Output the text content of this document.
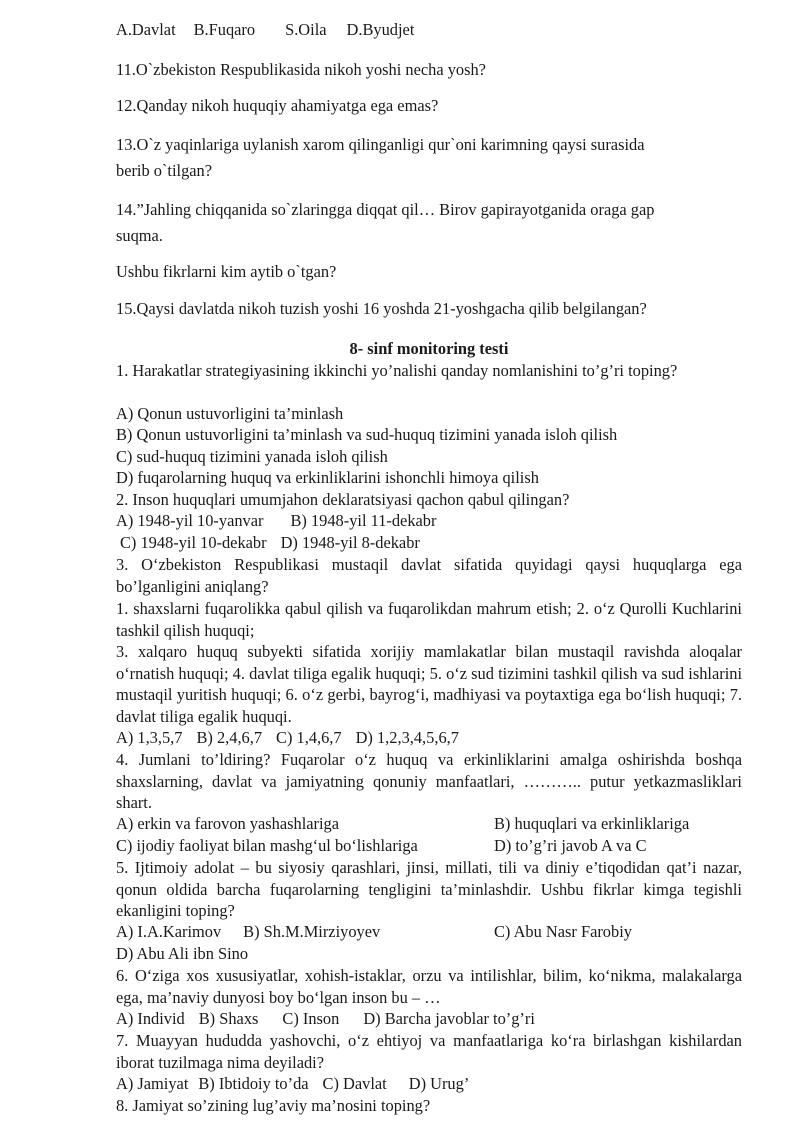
A.Davlat B.Fuqaro S.Oila D.Byudjet
11.O`zbekiston Respublikasida nikoh yoshi necha yosh?
12.Qanday nikoh huquqiy ahamiyatga ega emas?
13.O`z yaqinlariga uylanish xarom qilinganligi qur`oni karimning qaysi surasida
berib o`tilgan?
14.”Jahling chiqqanida so`zlaringga diqqat qil… Birov gapirayotganida oraga gap
suqma.
Ushbu fikrlarni kim aytib o`tgan?
15.Qaysi davlatda nikoh tuzish yoshi 16 yoshda 21-yoshgacha qilib belgilangan?
8- sinf monitoring testi
1. Harakatlar strategiyasining ikkinchi yo’nalishi qanday nomlanishini to’g’ri toping?
A) Qonun ustuvorligini ta’minlash
B) Qonun ustuvorligini ta’minlash va sud-huquq tizimini yanada isloh qilish
C) sud-huquq tizimini yanada isloh qilish
D) fuqarolarning huquq va erkinliklarini ishonchli himoya qilish
2. Inson huquqlari umumjahon deklaratsiyasi qachon qabul qilingan?
A) 1948-yil 10-yanvar B) 1948-yil 11-dekabr
C) 1948-yil 10-dekabr D) 1948-yil 8-dekabr
3. O‘zbekiston Respublikasi mustaqil davlat sifatida quyidagi qaysi huquqlarga ega bo’lganligini aniqlang?
1. shaxslarni fuqarolikka qabul qilish va fuqarolikdan mahrum etish; 2. o‘z Qurolli Kuchlarini tashkil qilish huquqi;
3. xalqaro huquq subyekti sifatida xorijiy mamlakatlar bilan mustaqil ravishda aloqalar o‘rnatish huquqi; 4. davlat tiliga egalik huquqi; 5. o‘z sud tizimini tashkil qilish va sud ishlarini mustaqil yuritish huquqi; 6. o‘z gerbi, bayrog‘i, madhiyasi va poytaxtiga ega bo‘lish huquqi; 7. davlat tiliga egalik huquqi.
A) 1,3,5,7 B) 2,4,6,7 C) 1,4,6,7 D) 1,2,3,4,5,6,7
4. Jumlani to’ldiring? Fuqarolar o‘z huquq va erkinliklarini amalga oshirishda boshqa shaxslarning, davlat va jamiyatning qonuniy manfaatlari, ……….. putur yetkazmasliklari shart.
A) erkin va farovon yashashlariga	B) huquqlari va erkinliklariga
C) ijodiy faoliyat bilan mashg‘ul bo‘lishlariga	D) to’g’ri javob A va C
5. Ijtimoiy adolat – bu siyosiy qarashlari, jinsi, millati, tili va diniy e’tiqodidan qat’i nazar, qonun oldida barcha fuqarolarning tengligini ta’minlashdir. Ushbu fikrlar kimga tegishli ekanligini toping?
A) I.A.Karimov B) Sh.M.Mirziyoyev	C) Abu Nasr Farobiy
D) Abu Ali ibn Sino
6. O‘ziga xos xususiyatlar, xohish-istaklar, orzu va intilishlar, bilim, ko‘nikma, malakalarga ega, ma’naviy dunyosi boy bo‘lgan inson bu – …
A) Individ B) Shaxs C) Inson D) Barcha javoblar to’g’ri
7. Muayyan hududda yashovchi, o‘z ehtiyoj va manfaatlariga ko‘ra birlashgan kishilardan iborat tuzilmaga nima deyiladi?
A) Jamiyat B) Ibtidoiy to’da C) Davlat D) Urug’
8. Jamiyat so’zining lug’aviy ma’nosini toping?
